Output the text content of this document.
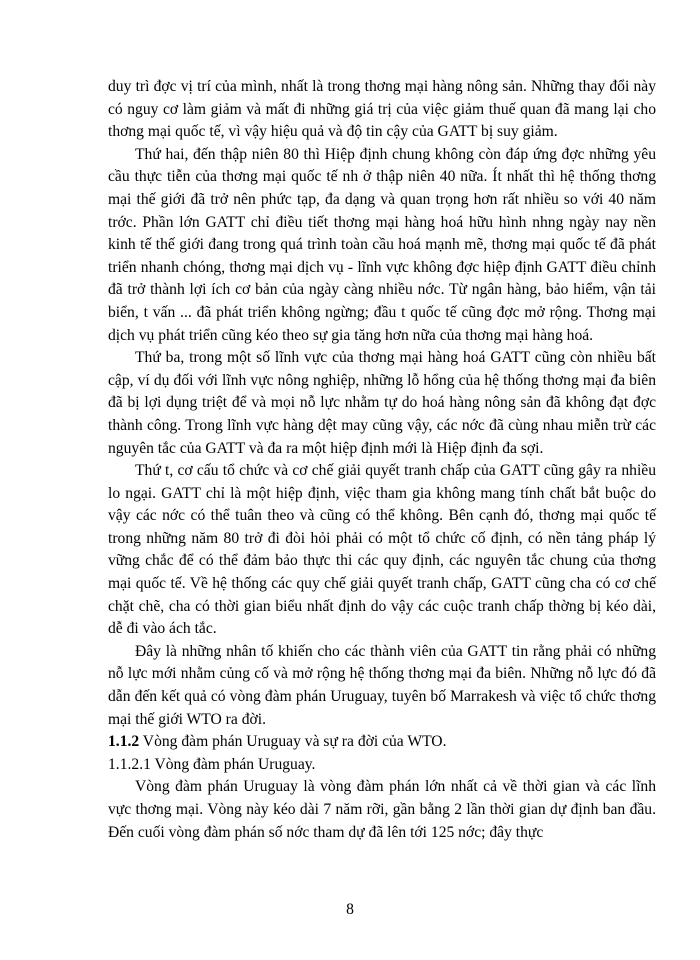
duy trì đợc vị trí của mình, nhất là trong thơng mại hàng nông sản. Những thay đổi này có nguy cơ làm giảm và mất đi những giá trị của việc giảm thuế quan đã mang lại cho thơng mại quốc tế, vì vậy hiệu quả và độ tin cậy của GATT bị suy giảm.

Thứ hai, đến thập niên 80 thì Hiệp định chung không còn đáp ứng đợc những yêu cầu thực tiễn của thơng mại quốc tế nh ở thập niên 40 nữa. Ít nhất thì hệ thống thơng mại thế giới đã trở nên phức tạp, đa dạng và quan trọng hơn rất nhiều so với 40 năm trớc. Phần lớn GATT chỉ điều tiết thơng mại hàng hoá hữu hình nhng ngày nay nền kinh tế thế giới đang trong quá trình toàn cầu hoá mạnh mẽ, thơng mại quốc tế đã phát triển nhanh chóng, thơng mại dịch vụ - lĩnh vực không đợc hiệp định GATT điều chỉnh đã trở thành lợi ích cơ bản của ngày càng nhiều nớc. Từ ngân hàng, bảo hiểm, vận tải biển, t vấn ... đã phát triển không ngừng; đầu t quốc tế cũng đợc mở rộng. Thơng mại dịch vụ phát triển cũng kéo theo sự gia tăng hơn nữa của thơng mại hàng hoá.

Thứ ba, trong một số lĩnh vực của thơng mại hàng hoá GATT cũng còn nhiều bất cập, ví dụ đối với lĩnh vực nông nghiệp, những lỗ hổng của hệ thống thơng mại đa biên đã bị lợi dụng triệt để và mọi nỗ lực nhằm tự do hoá hàng nông sản đã không đạt đợc thành công. Trong lĩnh vực hàng dệt may cũng vậy, các nớc đã cùng nhau miễn trừ các nguyên tắc của GATT và đa ra một hiệp định mới là Hiệp định đa sợi.

Thứ t, cơ cấu tổ chức và cơ chế giải quyết tranh chấp của GATT cũng gây ra nhiều lo ngại. GATT chỉ là một hiệp định, việc tham gia không mang tính chất bắt buộc do vậy các nớc có thể tuân theo và cũng có thể không. Bên cạnh đó, thơng mại quốc tế trong những năm 80 trở đi đòi hỏi phải có một tổ chức cố định, có nền tảng pháp lý vững chắc để có thể đảm bảo thực thi các quy định, các nguyên tắc chung của thơng mại quốc tế. Về hệ thống các quy chế giải quyết tranh chấp, GATT cũng cha có cơ chế chặt chẽ, cha có thời gian biểu nhất định do vậy các cuộc tranh chấp thờng bị kéo dài, dễ đi vào ách tắc.

Đây là những nhân tố khiến cho các thành viên của GATT tin rằng phải có những nỗ lực mới nhằm củng cố và mở rộng hệ thống thơng mại đa biên. Những nỗ lực đó đã dẫn đến kết quả có vòng đàm phán Uruguay, tuyên bố Marrakesh và việc tổ chức thơng mại thế giới WTO ra đời.

1.1.2 Vòng đàm phán Uruguay và sự ra đời của WTO.

1.1.2.1 Vòng đàm phán Uruguay.

Vòng đàm phán Uruguay là vòng đàm phán lớn nhất cả về thời gian và các lĩnh vực thơng mại. Vòng này kéo dài 7 năm rỡi, gần bằng 2 lần thời gian dự định ban đầu. Đến cuối vòng đàm phán số nớc tham dự đã lên tới 125 nớc; đây thực

8
